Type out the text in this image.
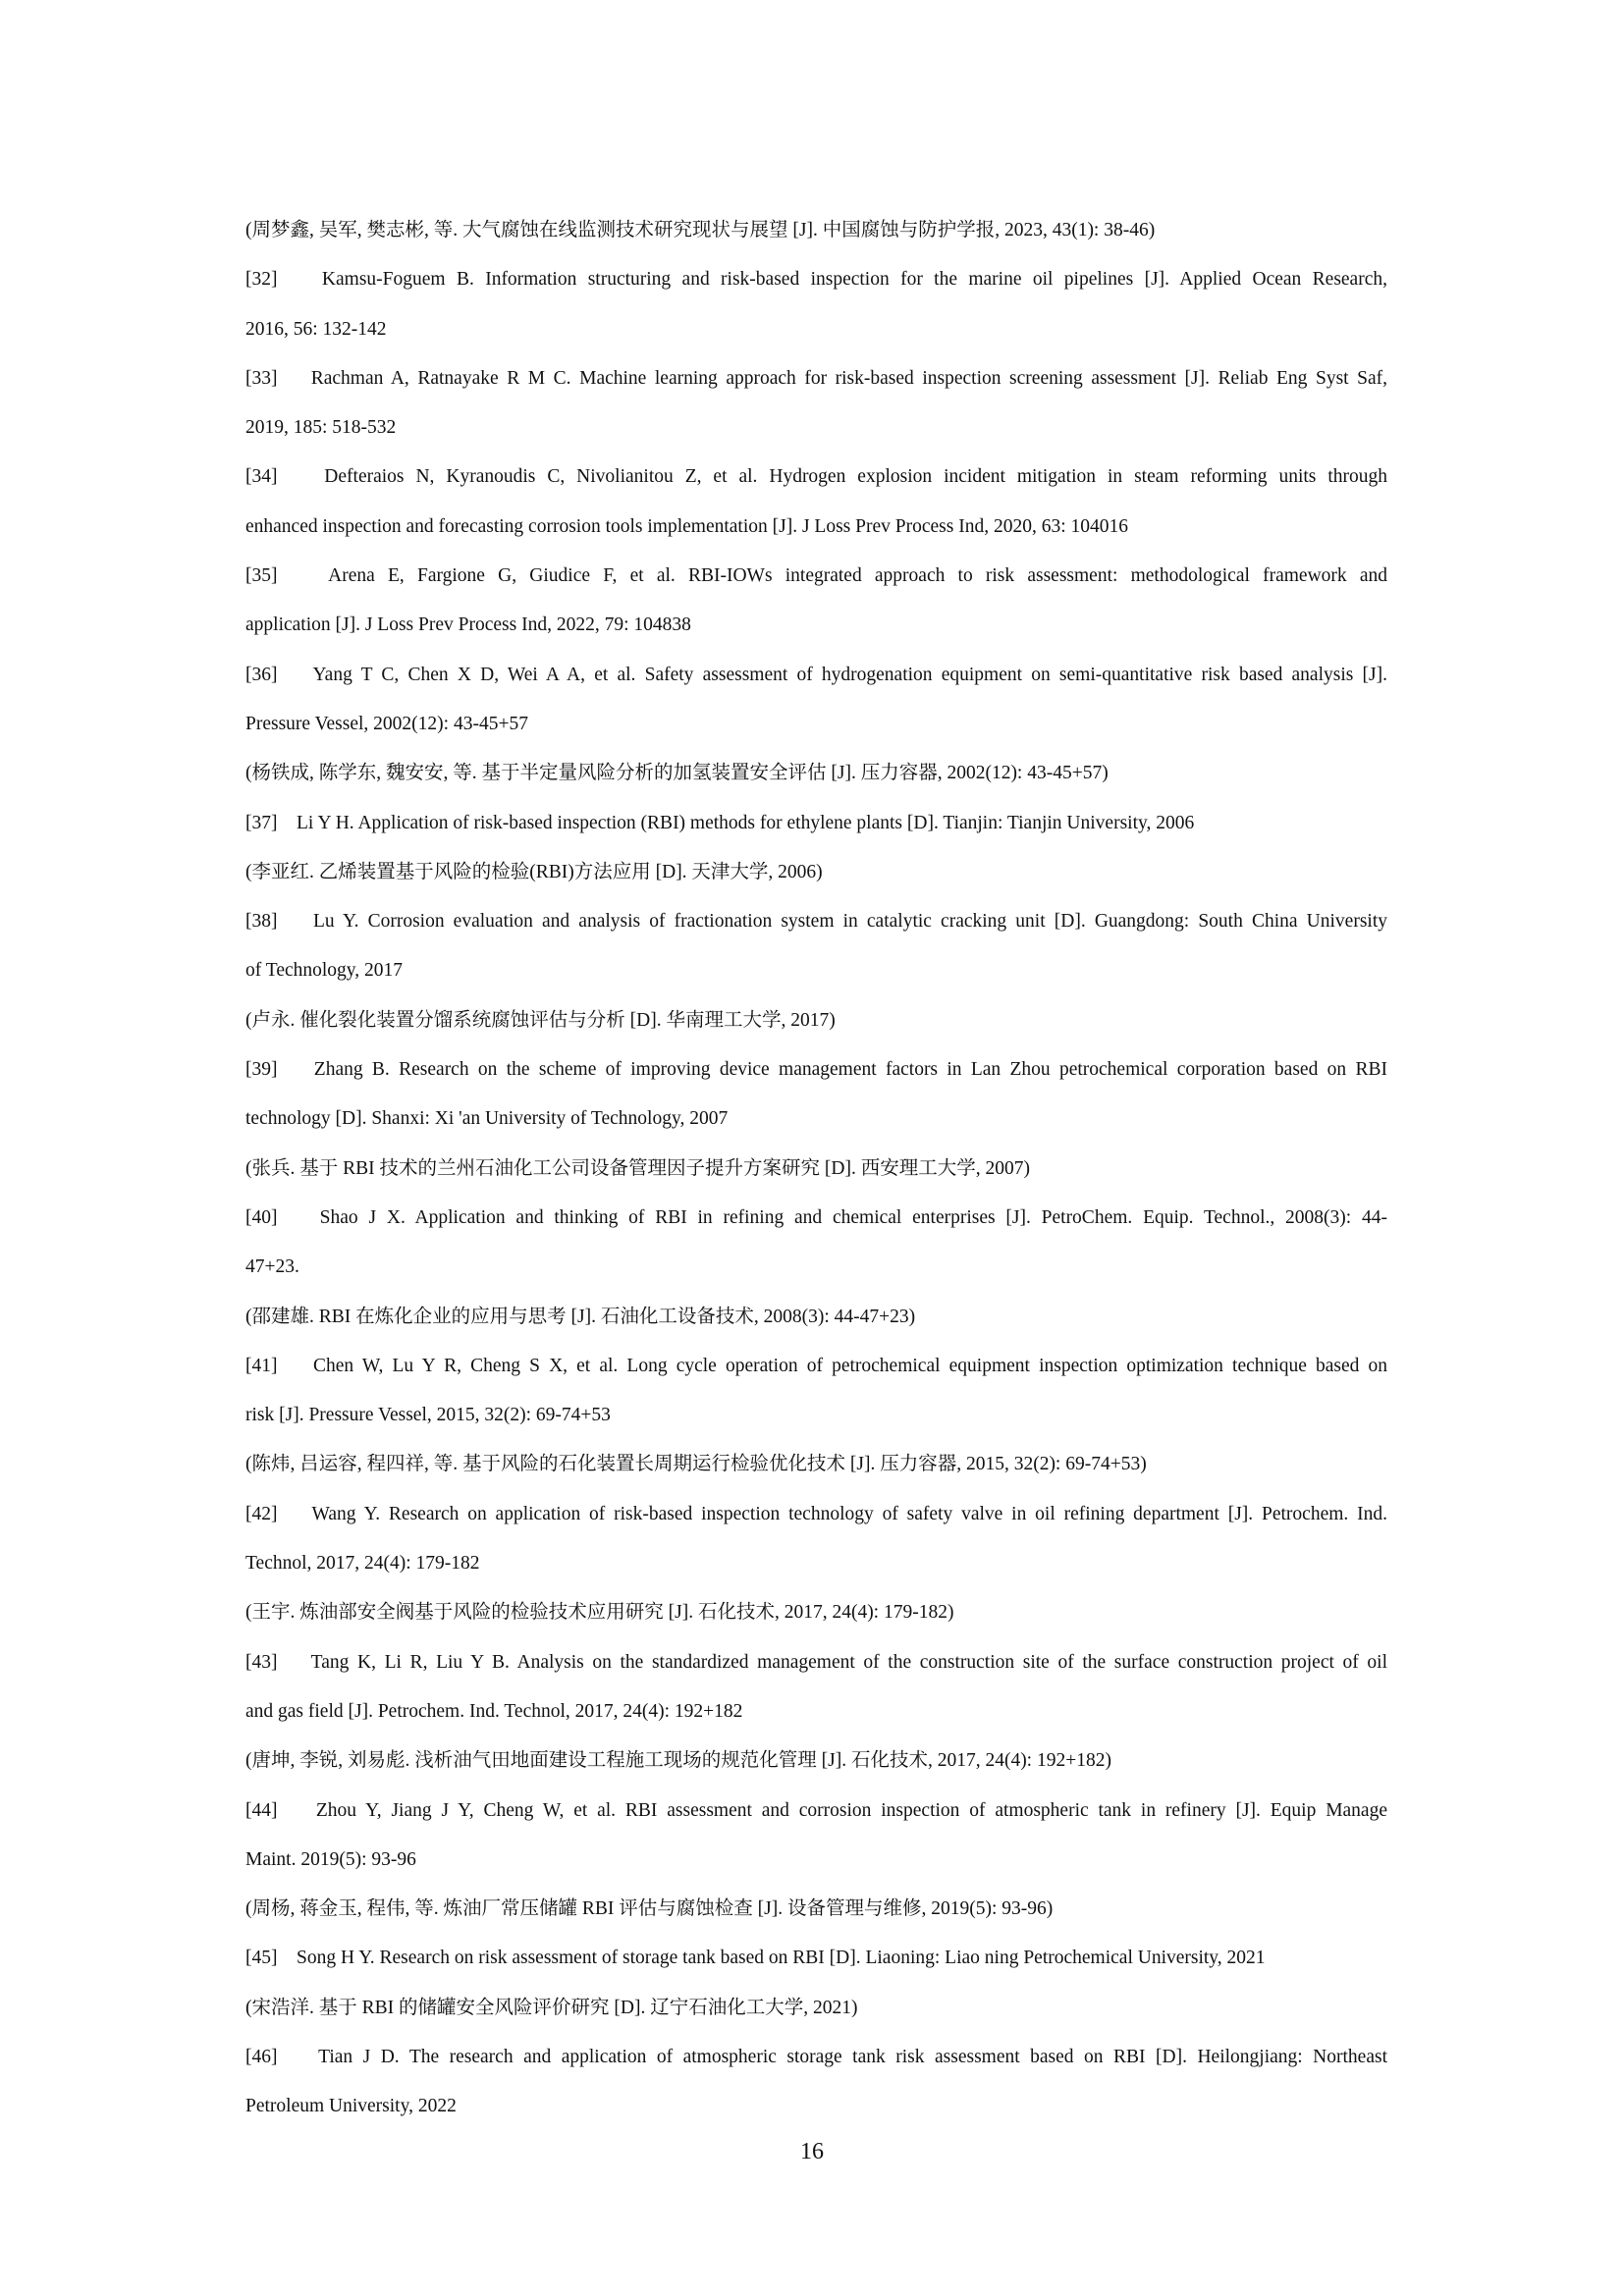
(周梦鑫, 吴军, 樊志彬, 等. 大气腐蚀在线监测技术研究现状与展望 [J]. 中国腐蚀与防护学报, 2023, 43(1): 38-46)
[32]    Kamsu-Foguem B. Information structuring and risk-based inspection for the marine oil pipelines [J]. Applied Ocean Research,
2016, 56: 132-142
[33]    Rachman A, Ratnayake R M C. Machine learning approach for risk-based inspection screening assessment [J]. Reliab Eng Syst Saf,
2019, 185: 518-532
[34]    Defteraios N, Kyranoudis C, Nivolianitou Z, et al. Hydrogen explosion incident mitigation in steam reforming units through
enhanced inspection and forecasting corrosion tools implementation [J]. J Loss Prev Process Ind, 2020, 63: 104016
[35]    Arena E, Fargione G, Giudice F, et al. RBI-IOWs integrated approach to risk assessment: methodological framework and
application [J]. J Loss Prev Process Ind, 2022, 79: 104838
[36]    Yang T C, Chen X D, Wei A A, et al. Safety assessment of hydrogenation equipment on semi-quantitative risk based analysis [J].
Pressure Vessel, 2002(12): 43-45+57
(杨铁成, 陈学东, 魏安安, 等. 基于半定量风险分析的加氢装置安全评估 [J]. 压力容器, 2002(12): 43-45+57)
[37]    Li Y H. Application of risk-based inspection (RBI) methods for ethylene plants [D]. Tianjin: Tianjin University, 2006
(李亚红. 乙烯装置基于风险的检验(RBI)方法应用 [D]. 天津大学, 2006)
[38]    Lu Y. Corrosion evaluation and analysis of fractionation system in catalytic cracking unit [D]. Guangdong: South China University
of Technology, 2017
(卢永. 催化裂化装置分馏系统腐蚀评估与分析 [D]. 华南理工大学, 2017)
[39]    Zhang B. Research on the scheme of improving device management factors in Lan Zhou petrochemical corporation based on RBI
technology [D]. Shanxi: Xi 'an University of Technology, 2007
(张兵. 基于 RBI 技术的兰州石油化工公司设备管理因子提升方案研究 [D]. 西安理工大学, 2007)
[40]    Shao J X. Application and thinking of RBI in refining and chemical enterprises [J]. PetroChem. Equip. Technol., 2008(3): 44-
47+23.
(邵建雄. RBI 在炼化企业的应用与思考 [J]. 石油化工设备技术, 2008(3): 44-47+23)
[41]    Chen W, Lu Y R, Cheng S X, et al. Long cycle operation of petrochemical equipment inspection optimization technique based on
risk [J]. Pressure Vessel, 2015, 32(2): 69-74+53
(陈炜, 吕运容, 程四祥, 等. 基于风险的石化装置长周期运行检验优化技术 [J]. 压力容器, 2015, 32(2): 69-74+53)
[42]    Wang Y. Research on application of risk-based inspection technology of safety valve in oil refining department [J]. Petrochem. Ind.
Technol, 2017, 24(4): 179-182
(王宇. 炼油部安全阀基于风险的检验技术应用研究 [J]. 石化技术, 2017, 24(4): 179-182)
[43]    Tang K, Li R, Liu Y B. Analysis on the standardized management of the construction site of the surface construction project of oil
and gas field [J]. Petrochem. Ind. Technol, 2017, 24(4): 192+182
(唐坤, 李锐, 刘易彪. 浅析油气田地面建设工程施工现场的规范化管理 [J]. 石化技术, 2017, 24(4): 192+182)
[44]    Zhou Y, Jiang J Y, Cheng W, et al. RBI assessment and corrosion inspection of atmospheric tank in refinery [J]. Equip Manage
Maint. 2019(5): 93-96
(周杨, 蒋金玉, 程伟, 等. 炼油厂常压储罐 RBI 评估与腐蚀检查 [J]. 设备管理与维修, 2019(5): 93-96)
[45]    Song H Y. Research on risk assessment of storage tank based on RBI [D]. Liaoning: Liao ning Petrochemical University, 2021
(宋浩洋. 基于 RBI 的储罐安全风险评价研究 [D]. 辽宁石油化工大学, 2021)
[46]    Tian J D. The research and application of atmospheric storage tank risk assessment based on RBI [D]. Heilongjiang: Northeast
Petroleum University, 2022
16
